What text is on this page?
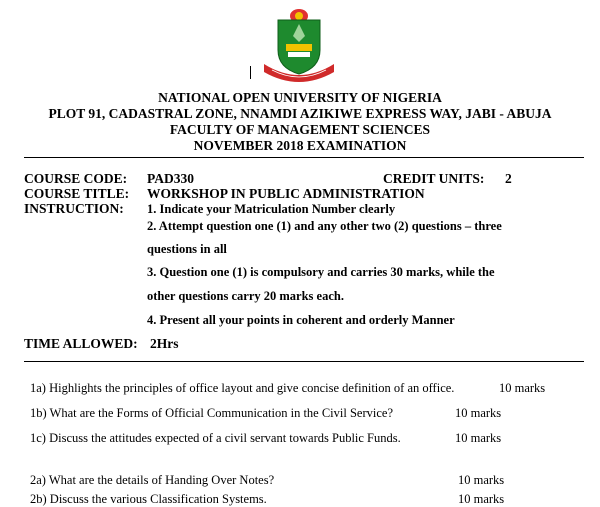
NATIONAL OPEN UNIVERSITY OF NIGERIA
PLOT 91, CADASTRAL ZONE, NNAMDI AZIKIWE EXPRESS WAY, JABI - ABUJA
FACULTY OF MANAGEMENT SCIENCES
NOVEMBER 2018 EXAMINATION
COURSE CODE: PAD330	CREDIT UNITS: 2
COURSE TITLE: WORKSHOP IN PUBLIC ADMINISTRATION
INSTRUCTION: 1. Indicate your Matriculation Number clearly
2. Attempt question one (1) and any other two (2) questions – three
questions in all
3. Question one (1) is compulsory and carries 30 marks, while the
other questions carry 20 marks each.
4. Present all your points in coherent and orderly Manner
TIME ALLOWED: 2Hrs
1a) Highlights the principles of office layout and give concise definition of an office.	10 marks
1b) What are the Forms of Official Communication in the Civil Service?	10 marks
1c) Discuss the attitudes expected of a civil servant towards Public Funds.	10 marks
2a) What are the details of Handing Over Notes?	10 marks
2b) Discuss the various Classification Systems.	10 marks
